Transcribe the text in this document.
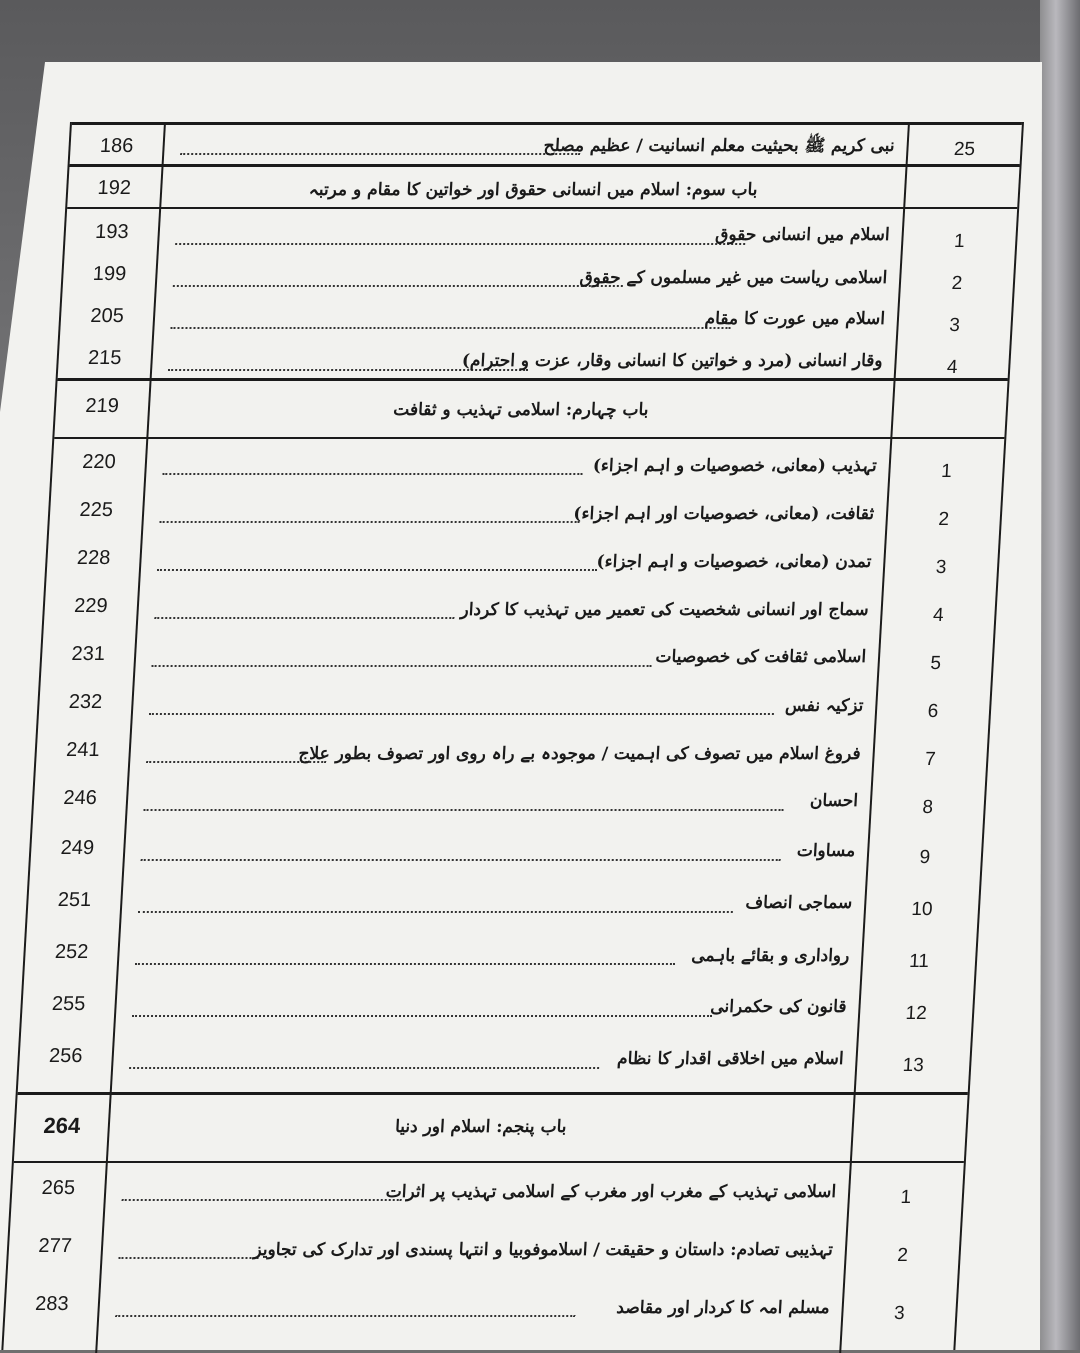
186	نبی کریم ﷺ بحیثیت معلم انسانیت / عظیم مصلح	25
192	باب سوم: اسلام میں انسانی حقوق اور خواتین کا مقام و مرتبہ
193	اسلام میں انسانی حقوق	1
199	اسلامی ریاست میں غیر مسلموں کے حقوق	2
205	اسلام میں عورت کا مقام	3
215	وقار انسانی (مرد و خواتین کا انسانی وقار، عزت و احترام)	4
219	باب چہارم: اسلامی تہذیب و ثقافت
220	تہذیب (معانی، خصوصیات و اہم اجزاء)	1
225	ثقافت، (معانی، خصوصیات اور اہم اجزاء)	2
228	تمدن (معانی، خصوصیات و اہم اجزاء)	3
229	سماج اور انسانی شخصیت کی تعمیر میں تہذیب کا کردار	4
231	اسلامی ثقافت کی خصوصیات	5
232	تزکیہ نفس	6
241	فروغ اسلام میں تصوف کی اہمیت / موجودہ بے راہ روی اور تصوف بطور علاج	7
246	احسان	8
249	مساوات	9
251	سماجی انصاف	10
252	رواداری و بقائے باہمی	11
255	قانون کی حکمرانی	12
256	اسلام میں اخلاقی اقدار کا نظام	13
264	باب پنجم: اسلام اور دنیا
265	اسلامی تہذیب کے مغرب اور مغرب کے اسلامی تہذیب پر اثرات	1
277	تہذیبی تصادم: داستان و حقیقت / اسلاموفوبیا و انتہا پسندی اور تدارک کی تجاویز	2
283	مسلم امہ کا کردار اور مقاصد	3
